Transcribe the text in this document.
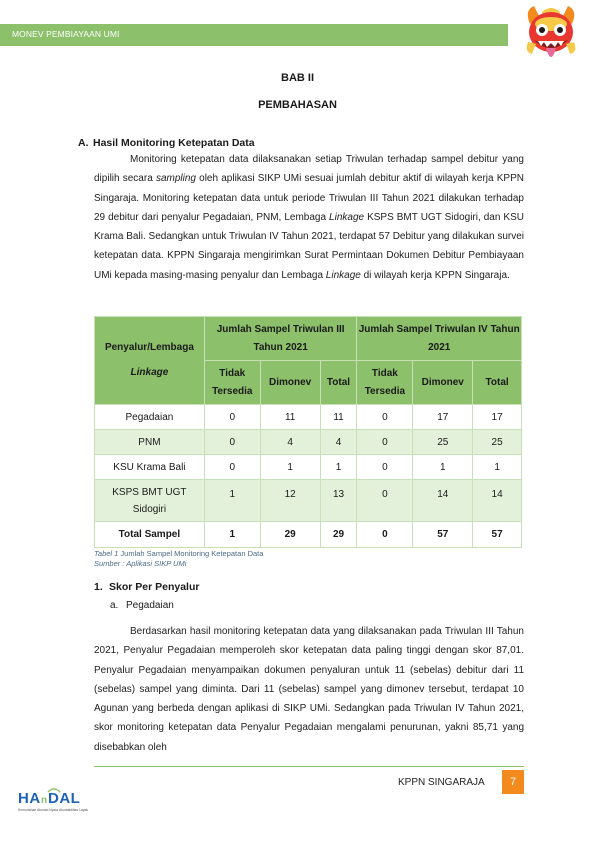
MONEV PEMBIAYAAN UMI
BAB II
PEMBAHASAN
A. Hasil Monitoring Ketepatan Data
Monitoring ketepatan data dilaksanakan setiap Triwulan terhadap sampel debitur yang dipilih secara sampling oleh aplikasi SIKP UMi sesuai jumlah debitur aktif di wilayah kerja KPPN Singaraja. Monitoring ketepatan data untuk periode Triwulan III Tahun 2021 dilakukan terhadap 29 debitur dari penyalur Pegadaian, PNM, Lembaga Linkage KSPS BMT UGT Sidogiri, dan KSU Krama Bali. Sedangkan untuk Triwulan IV Tahun 2021, terdapat 57 Debitur yang dilakukan survei ketepatan data. KPPN Singaraja mengirimkan Surat Permintaan Dokumen Debitur Pembiayaan UMi kepada masing-masing penyalur dan Lembaga Linkage di wilayah kerja KPPN Singaraja.
Penyalur/Lembaga
Linkage	Jumlah Sampel Triwulan III Tahun 2021			Jumlah Sampel Triwulan IV Tahun 2021		
	Tidak Tersedia	Dimonev	Total	Tidak Tersedia	Dimonev	Total
Pegadaian	0	11	11	0	17	17
PNM	0	4	4	0	25	25
KSU Krama Bali	0	1	1	0	1	1
KSPS BMT UGT Sidogiri	1	12	13	0	14	14
Total Sampel	1	29	29	0	57	57
Tabel 1 Jumlah Sampel Monitoring Ketepatan Data
Sumber : Aplikasi SIKP UMi
1. Skor Per Penyalur
a. Pegadaian
Berdasarkan hasil monitoring ketepatan data yang dilaksanakan pada Triwulan III Tahun 2021, Penyalur Pegadaian memperoleh skor ketepatan data paling tinggi dengan skor 87,01. Penyalur Pegadaian menyampaikan dokumen penyaluran untuk 11 (sebelas) debitur dari 11 (sebelas) sampel yang diminta. Dari 11 (sebelas) sampel yang dimonev tersebut, terdapat 10 Agunan yang berbeda dengan aplikasi di SIKP UMi. Sedangkan pada Triwulan IV Tahun 2021, skor monitoring ketepatan data Penyalur Pegadaian mengalami penurunan, yakni 85,71 yang disebabkan oleh
KPPN SINGARAJA	7
HA n DAL
Kemudahan Akurasi Nyata Akuntabilitas Layak
